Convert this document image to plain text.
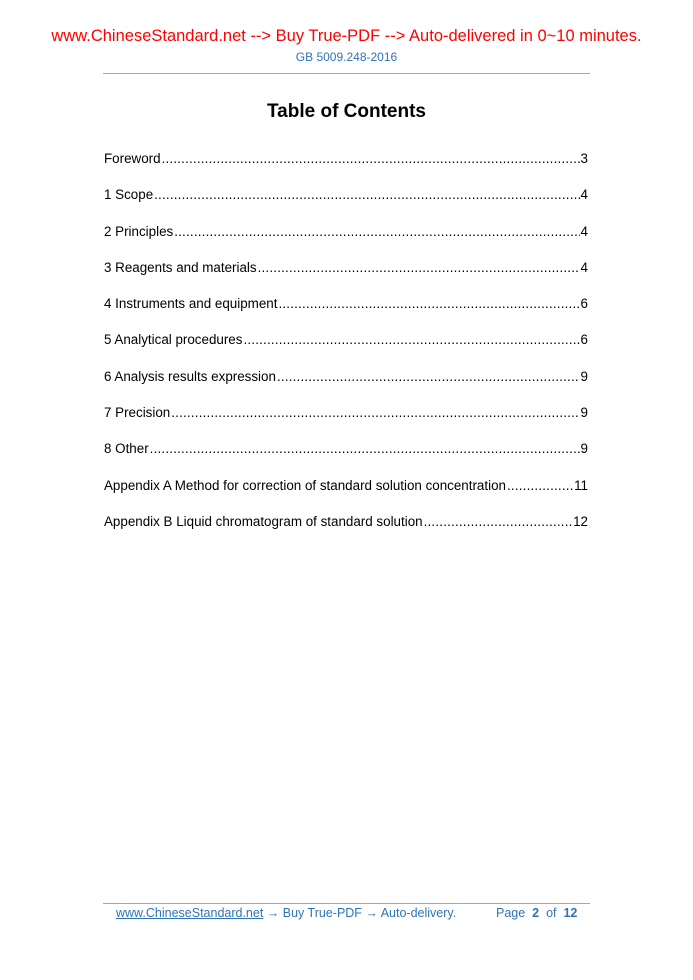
www.ChineseStandard.net --> Buy True-PDF --> Auto-delivered in 0~10 minutes.
GB 5009.248-2016
Table of Contents
Foreword .....	3
1 Scope .....	4
2 Principles .....	4
3 Reagents and materials .....	4
4 Instruments and equipment .....	6
5 Analytical procedures .....	6
6 Analysis results expression .....	9
7 Precision .....	9
8 Other .....	9
Appendix A Method for correction of standard solution concentration .....	11
Appendix B Liquid chromatogram of standard solution .....	12
www.ChineseStandard.net → Buy True-PDF → Auto-delivery.	Page 2 of 12
